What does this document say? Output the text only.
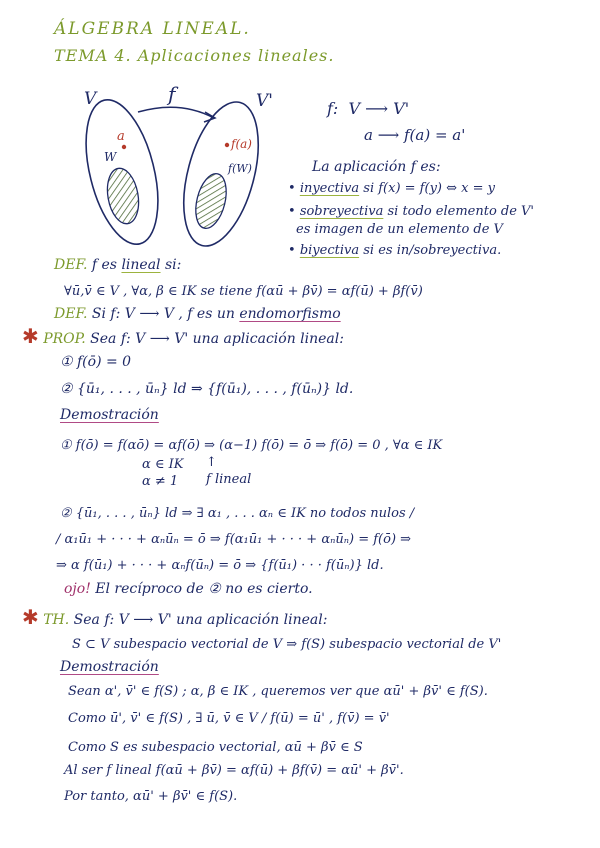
ÁLGEBRA LINEAL.
TEMA 4. Aplicaciones lineales.
V	V'
f
a	f(a)
W
f(W)
f: V ⟶ V'
a ⟶ f(a) = a'
La aplicación f es:
• inyectiva si f(x) = f(y) ⇔ x = y
• sobreyectiva si todo elemento de V'
es imagen de un elemento de V
• biyectiva si es in/sobreyectiva.
DEF. f es lineal si:
∀ū,v̄ ∈ V , ∀α, β ∈ IK se tiene f(αū + βv̄) = αf(ū) + βf(v̄)
DEF. Si f: V ⟶ V , f es un endomorfismo
✱ PROP. Sea f: V ⟶ V' una aplicación lineal:
① f(ō) = 0
② {ū₁, . . . , ūₙ} ld ⇒ {f(ū₁), . . . , f(ūₙ)} ld.
Demostración
① f(ō) = f(αō) = αf(ō) ⇒ (α−1) f(ō) = ō ⇒ f(ō) = 0 , ∀α ∈ IK
α ∈ IK ↑
α ≠ 1 f lineal
② {ū₁, . . . , ūₙ} ld ⇒ ∃ α₁ , . . . αₙ ∈ IK no todos nulos /
/ α₁ū₁ + · · · + αₙūₙ = ō ⇒ f(α₁ū₁ + · · · + αₙūₙ) = f(ō) ⇒
⇒ α f(ū₁) + · · · + αₙf(ūₙ) = ō ⇒ {f(ū₁) · · · f(ūₙ)} ld.
ojo! El recíproco de ② no es cierto.
✱ TH. Sea f: V ⟶ V' una aplicación lineal:
S ⊂ V subespacio vectorial de V ⇒ f(S) subespacio vectorial de V'
Demostración
Sean α', v̄' ∈ f(S) ; α, β ∈ IK , queremos ver que αū' + βv̄' ∈ f(S).
Como ū', v̄' ∈ f(S) , ∃ ū, v̄ ∈ V / f(ū) = ū' , f(v̄) = v̄'
Como S es subespacio vectorial, αū + βv̄ ∈ S
Al ser f lineal f(αū + βv̄) = αf(ū) + βf(v̄) = αū' + βv̄'.
Por tanto, αū' + βv̄' ∈ f(S).
